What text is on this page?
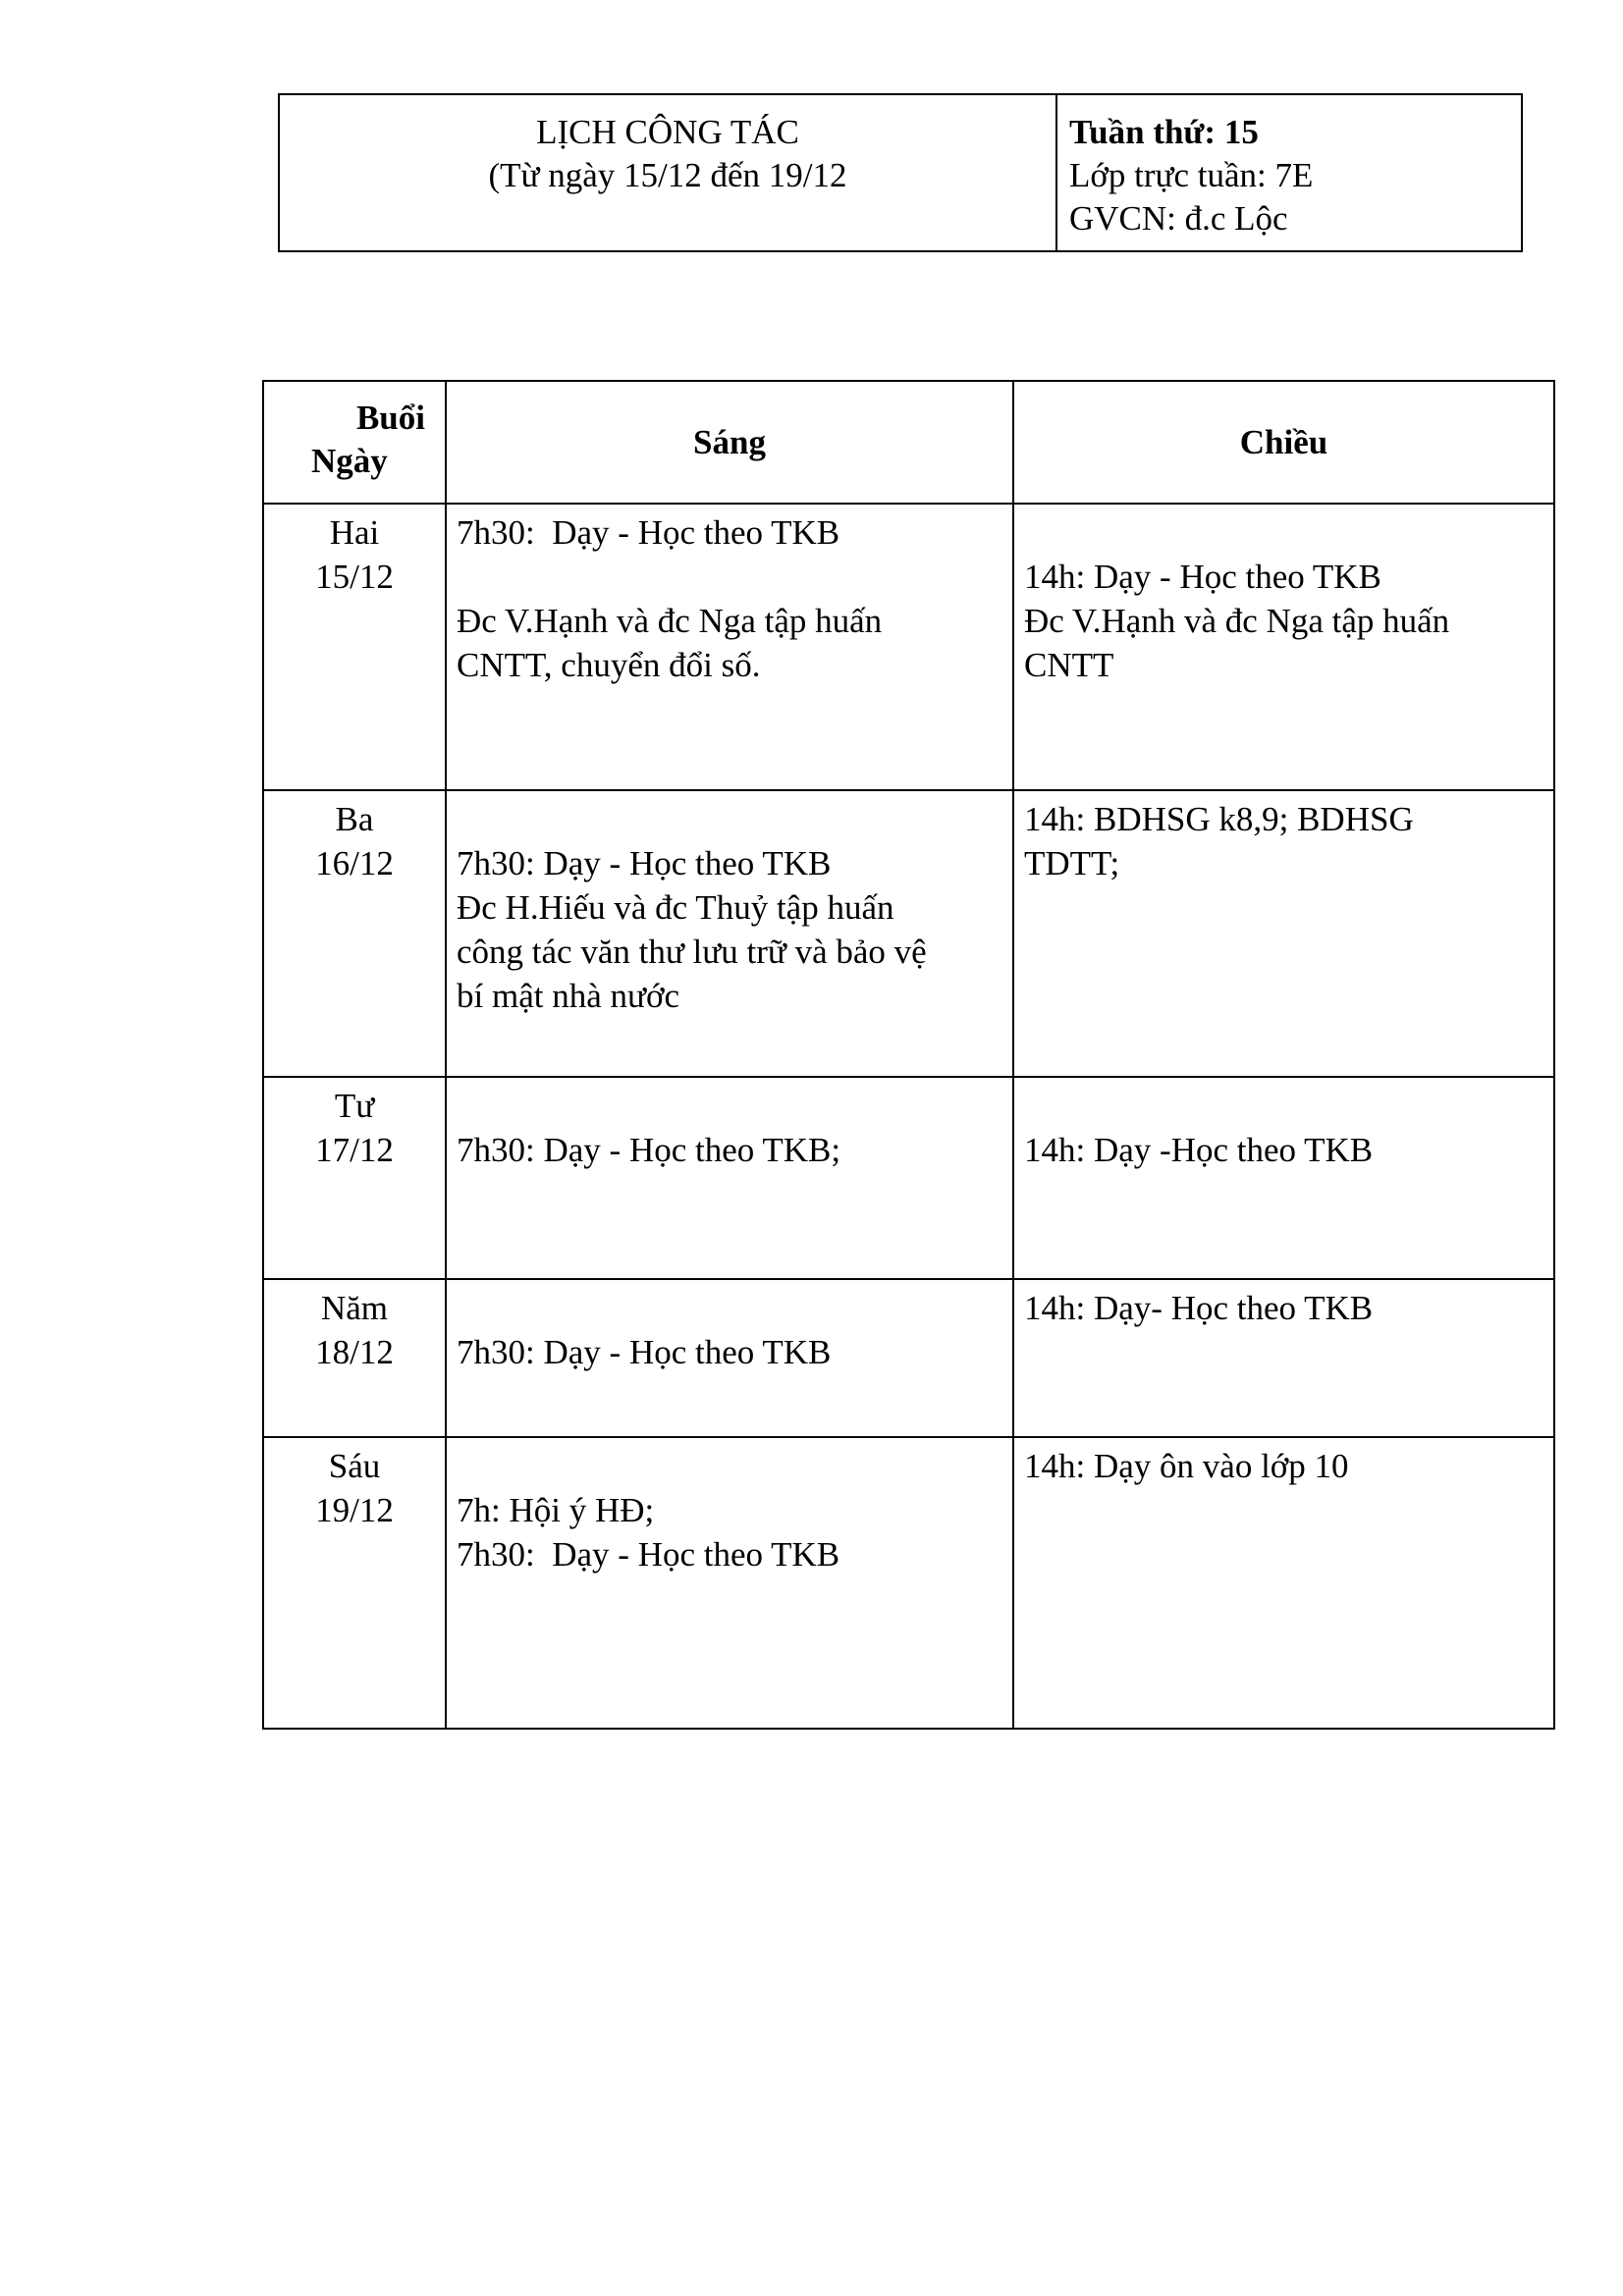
LỊCH CÔNG TÁC
(Từ ngày 15/12 đến 19/12
Tuần thứ: 15
Lớp trực tuần: 7E
GVCN: đ.c Lộc
Buổi
Ngày	Sáng	Chiều

Hai
15/12	7h30:  Dạy - Học theo TKB
Đc V.Hạnh và đc Nga tập huấn
CNTT, chuyển đổi số.	14h: Dạy - Học theo TKB
Đc V.Hạnh và đc Nga tập huấn
CNTT

Ba
16/12	7h30: Dạy - Học theo TKB
Đc H.Hiếu và đc Thuỷ tập huấn
công tác văn thư lưu trữ và bảo vệ
bí mật nhà nước	14h: BDHSG k8,9; BDHSG
TDTT;

Tư
17/12	7h30: Dạy - Học theo TKB;	14h: Dạy -Học theo TKB

Năm
18/12	7h30: Dạy - Học theo TKB	14h: Dạy- Học theo TKB

Sáu
19/12	7h: Hội ý HĐ;
7h30:  Dạy - Học theo TKB	14h: Dạy ôn vào lớp 10
